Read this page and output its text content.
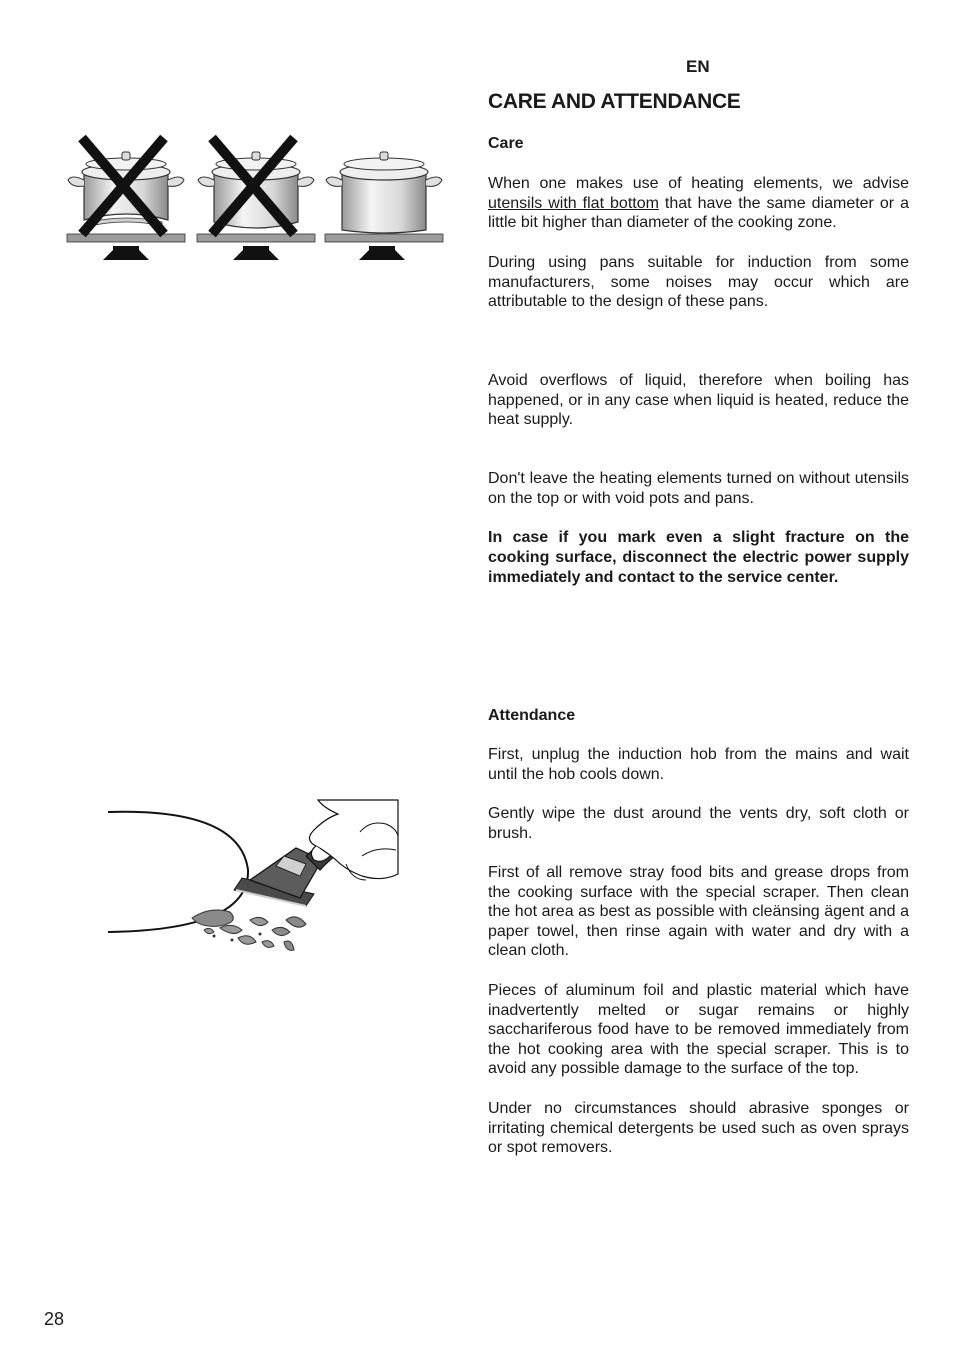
EN
CARE AND ATTENDANCE

Care

When one makes use of heating elements, we advise utensils with flat bottom that have the same diameter or a little bit higher than diameter of the cooking zone.

During using pans suitable for induction from some manufacturers, some noises may occur which are attributable to the design of these pans.

Avoid overflows of liquid, therefore when boiling has happened, or in any case when liquid is heated, reduce the heat supply.

Don't leave the heating elements turned on without utensils on the top or with void pots and pans.

In case if you mark even a slight fracture on the cooking surface, disconnect the electric power supply immediately and contact to the service center.

Attendance

First, unplug the induction hob from the mains and wait until the hob cools down.

Gently wipe the dust around the vents dry, soft cloth or brush.

First of all remove stray food bits and grease drops from the cooking surface with the special scraper. Then clean the hot area as best as possible with cleänsing ägent and a paper towel, then rinse again with water and dry with a clean cloth.

Pieces of aluminum foil and plastic material which have inadvertently melted or sugar remains or highly sacchariferous food have to be removed immediately from the hot cooking area with the special scraper. This is to avoid any possible damage to the surface of the top.

Under no circumstances should abrasive sponges or irritating chemical detergents be used such as oven sprays or spot removers.

28
